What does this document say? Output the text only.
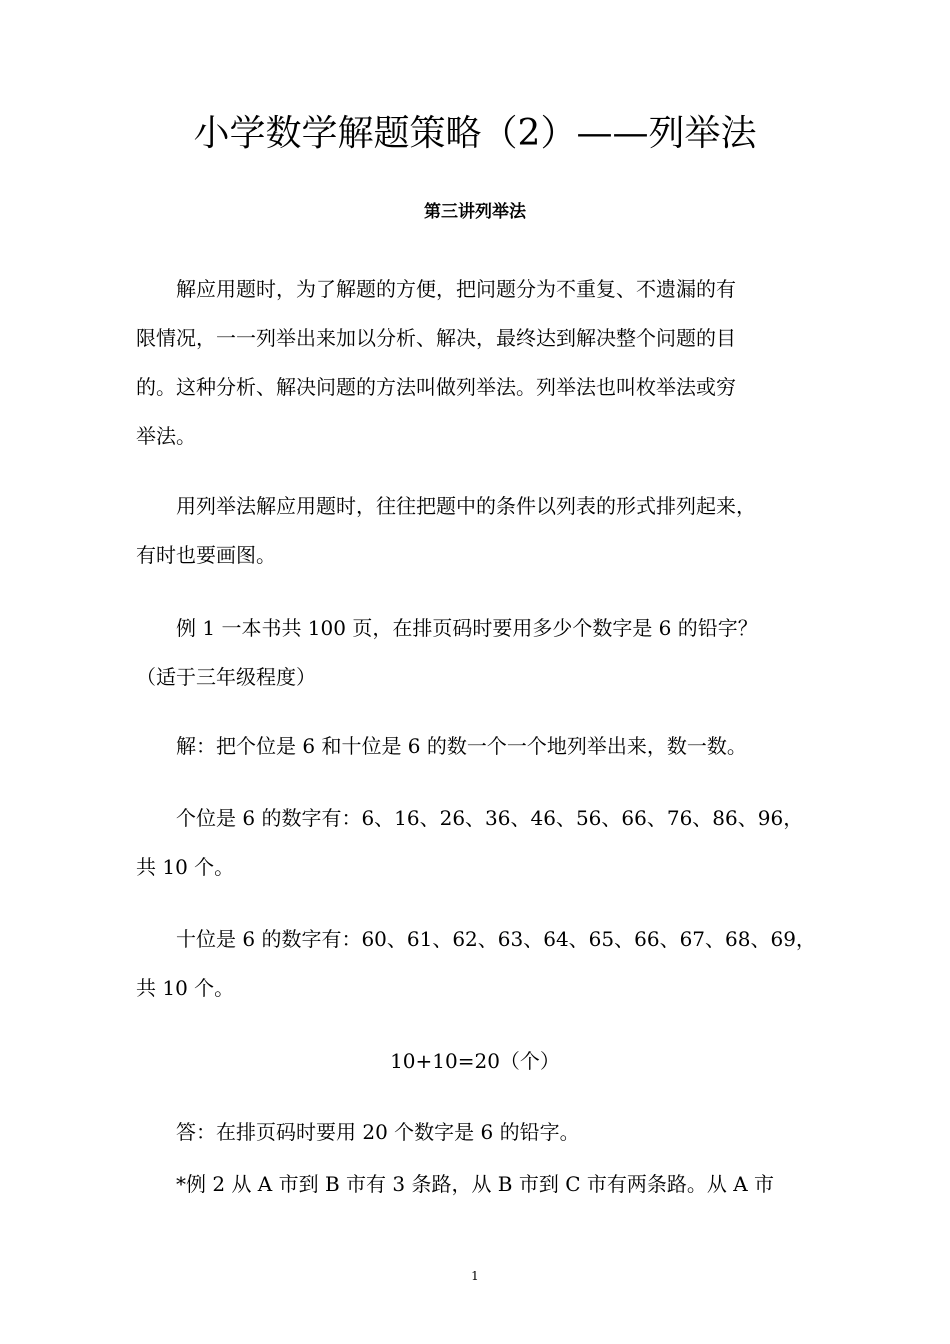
小学数学解题策略（2）——列举法
第三讲列举法
解应用题时，为了解题的方便，把问题分为不重复、不遗漏的有
限情况，一一列举出来加以分析、解决，最终达到解决整个问题的目
的。这种分析、解决问题的方法叫做列举法。列举法也叫枚举法或穷
举法。
用列举法解应用题时，往往把题中的条件以列表的形式排列起来，
有时也要画图。
例 1 一本书共 100 页，在排页码时要用多少个数字是 6 的铅字？
（适于三年级程度）
解：把个位是 6 和十位是 6 的数一个一个地列举出来，数一数。
个位是 6 的数字有：6、16、26、36、46、56、66、76、86、96，
共 10 个。
十位是 6 的数字有：60、61、62、63、64、65、66、67、68、69，
共 10 个。
10+10=20（个）
答：在排页码时要用 20 个数字是 6 的铅字。
*例 2 从 A 市到 B 市有 3 条路，从 B 市到 C 市有两条路。从 A 市
1
